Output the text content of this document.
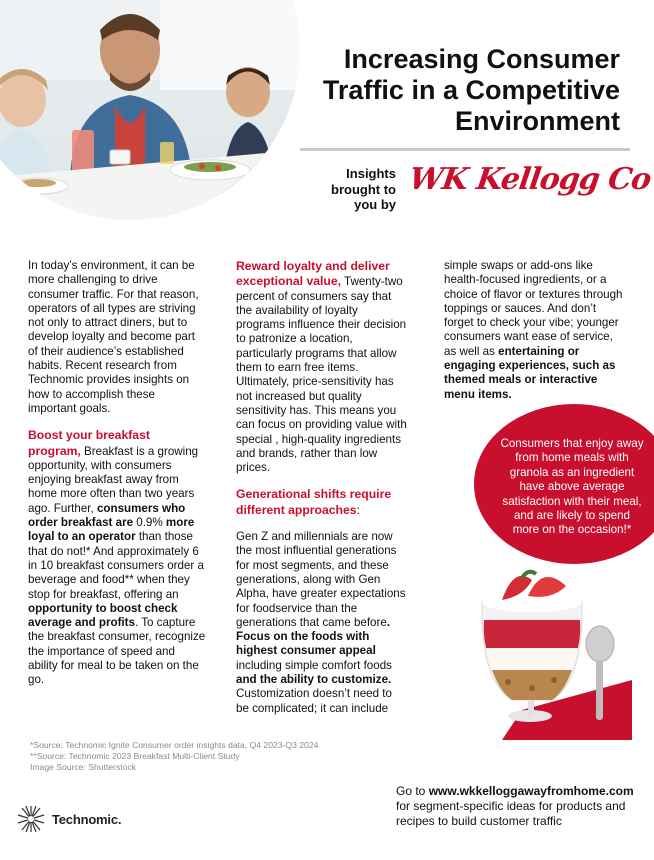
Increasing Consumer Traffic in a Competitive Environment
Insights brought to you by
WK Kellogg Co

In today’s environment, it can be more challenging to drive consumer traffic. For that reason, operators of all types are striving not only to attract diners, but to develop loyalty and become part of their audience’s established habits. Recent research from Technomic provides insights on how to accomplish these important goals.

Boost your breakfast program, Breakfast is a growing opportunity, with consumers enjoying breakfast away from home more often than two years ago. Further, consumers who order breakfast are 0.9% more loyal to an operator than those that do not!* And approximately 6 in 10 breakfast consumers order a beverage and food** when they stop for breakfast, offering an opportunity to boost check average and profits. To capture the breakfast consumer, recognize the importance of speed and ability for meal to be taken on the go.

Reward loyalty and deliver exceptional value, Twenty-two percent of consumers say that the availability of loyalty programs influence their decision to patronize a location, particularly programs that allow them to earn free items. Ultimately, price-sensitivity has not increased but quality sensitivity has. This means you can focus on providing value with special , high-quality ingredients and brands, rather than low prices.

Generational shifts require different approaches:

Gen Z and millennials are now the most influential generations for most segments, and these generations, along with Gen Alpha, have greater expectations for foodservice than the generations that came before. Focus on the foods with highest consumer appeal including simple comfort foods and the ability to customize. Customization doesn’t need to be complicated; it can include

simple swaps or add-ons like health-focused ingredients, or a choice of flavor or textures through toppings or sauces. And don’t forget to check your vibe; younger consumers want ease of service, as well as entertaining or engaging experiences, such as themed meals or interactive menu items.

Consumers that enjoy away from home meals with granola as an ingredient have above average satisfaction with their meal, and are likely to spend more on the occasion!*
*Source: Technomic Ignite Consumer order insights data, Q4 2023-Q3 2024
**Source: Technomic 2023 Breakfast Multi-Client Study
Image Source: Shutterstock
Go to www.wkkelloggawayfromhome.com for segment-specific ideas for products and recipes to build customer traffic
Technomic.
